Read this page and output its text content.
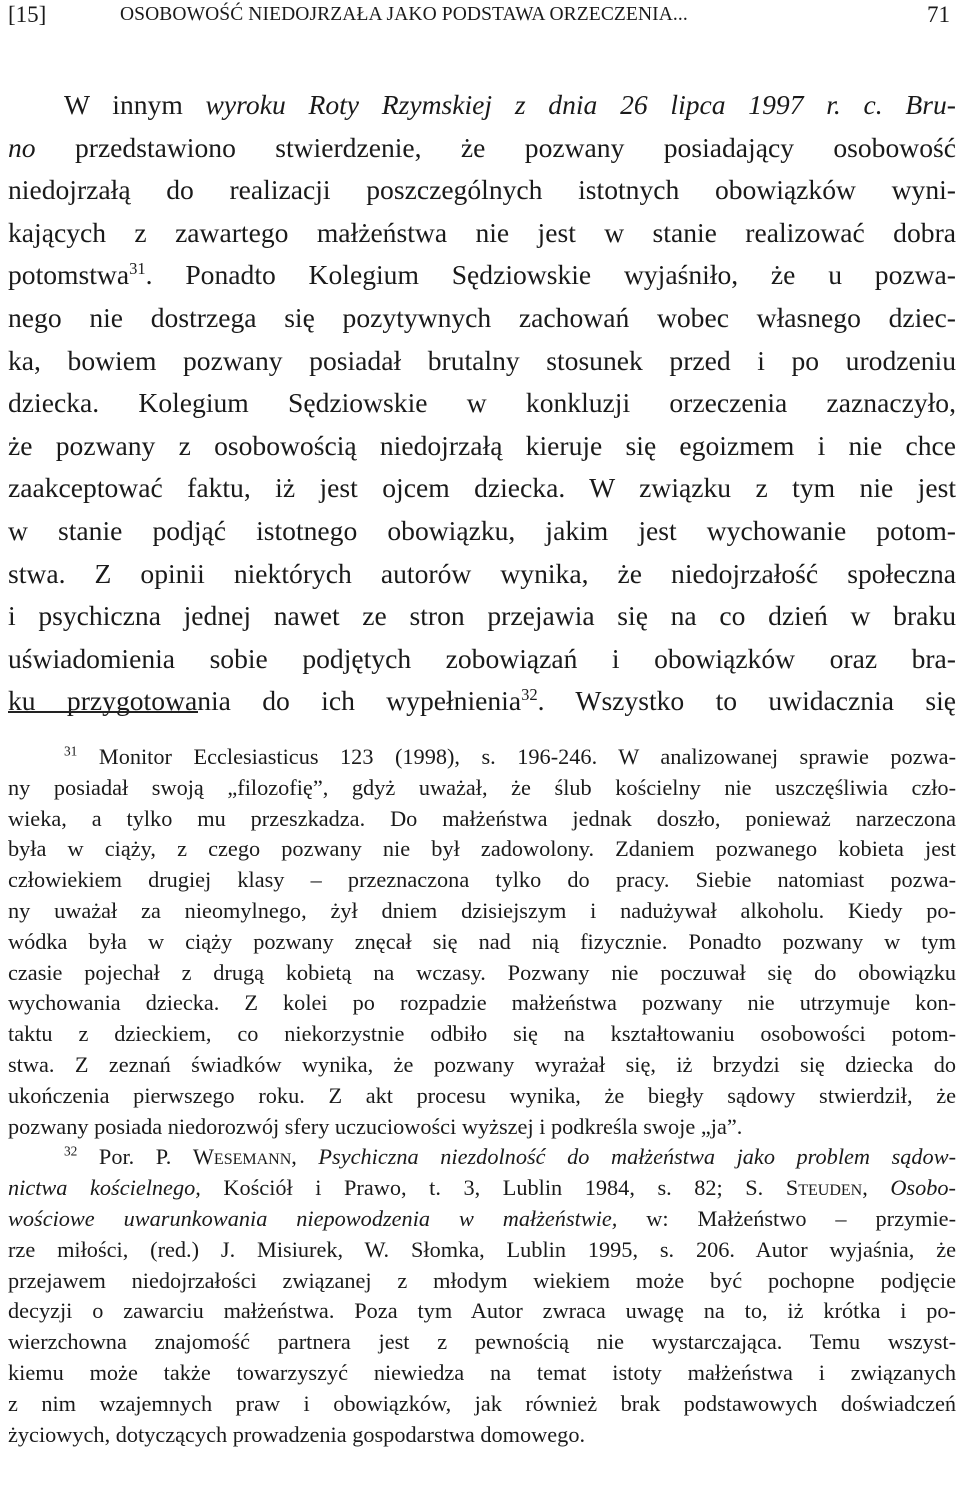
[15]	OSOBOWOŚĆ NIEDOJRZAŁA JAKO PODSTAWA ORZECZENIA...	71
W innym wyroku Roty Rzymskiej z dnia 26 lipca 1997 r. c. Bru-
no przedstawiono stwierdzenie, że pozwany posiadający osobowość
niedojrzałą do realizacji poszczególnych istotnych obowiązków wyni-
kających z zawartego małżeństwa nie jest w stanie realizować dobra
potomstwa$^{31}$. Ponadto Kolegium Sędziowskie wyjaśniło, że u pozwa-
nego nie dostrzega się pozytywnych zachowań wobec własnego dziec-
ka, bowiem pozwany posiadał brutalny stosunek przed i po urodzeniu
dziecka. Kolegium Sędziowskie w konkluzji orzeczenia zaznaczyło,
że pozwany z osobowością niedojrzałą kieruje się egoizmem i nie chce
zaakceptować faktu, iż jest ojcem dziecka. W związku z tym nie jest
w stanie podjąć istotnego obowiązku, jakim jest wychowanie potom-
stwa. Z opinii niektórych autorów wynika, że niedojrzałość społeczna
i psychiczna jednej nawet ze stron przejawia się na co dzień w braku
uświadomienia sobie podjętych zobowiązań i obowiązków oraz bra-
ku przygotowania do ich wypełnienia$^{32}$. Wszystko to uwidacznia się
$^{31}$ Monitor Ecclesiasticus 123 (1998), s. 196-246. W analizowanej sprawie pozwa-
ny posiadał swoją „filozofię”, gdyż uważał, że ślub kościelny nie uszczęśliwia czło-
wieka, a tylko mu przeszkadza. Do małżeństwa jednak doszło, ponieważ narzeczona
była w ciąży, z czego pozwany nie był zadowolony. Zdaniem pozwanego kobieta jest
człowiekiem drugiej klasy – przeznaczona tylko do pracy. Siebie natomiast pozwa-
ny uważał za nieomylnego, żył dniem dzisiejszym i nadużywał alkoholu. Kiedy po-
wódka była w ciąży pozwany znęcał się nad nią fizycznie. Ponadto pozwany w tym
czasie pojechał z drugą kobietą na wczasy. Pozwany nie poczuwał się do obowiązku
wychowania dziecka. Z kolei po rozpadzie małżeństwa pozwany nie utrzymuje kon-
taktu z dzieckiem, co niekorzystnie odbiło się na kształtowaniu osobowości potom-
stwa. Z zeznań świadków wynika, że pozwany wyrażał się, iż brzydzi się dziecka do
ukończenia pierwszego roku. Z akt procesu wynika, że biegły sądowy stwierdził, że
pozwany posiada niedorozwój sfery uczuciowości wyższej i podkreśla swoje „ja”.
$^{32}$ Por. P. Wesemann, Psychiczna niezdolność do małżeństwa jako problem sądow-
nictwa kościelnego, Kościół i Prawo, t. 3, Lublin 1984, s. 82; S. Steuden, Osobo-
wościowe uwarunkowania niepowodzenia w małżeństwie, w: Małżeństwo – przymie-
rze miłości, (red.) J. Misiurek, W. Słomka, Lublin 1995, s. 206. Autor wyjaśnia, że
przejawem niedojrzałości związanej z młodym wiekiem może być pochopne podjęcie
decyzji o zawarciu małżeństwa. Poza tym Autor zwraca uwagę na to, iż krótka i po-
wierzchowna znajomość partnera jest z pewnością nie wystarczająca. Temu wszyst-
kiemu może także towarzyszyć niewiedza na temat istoty małżeństwa i związanych
z nim wzajemnych praw i obowiązków, jak również brak podstawowych doświadczeń
życiowych, dotyczących prowadzenia gospodarstwa domowego.
